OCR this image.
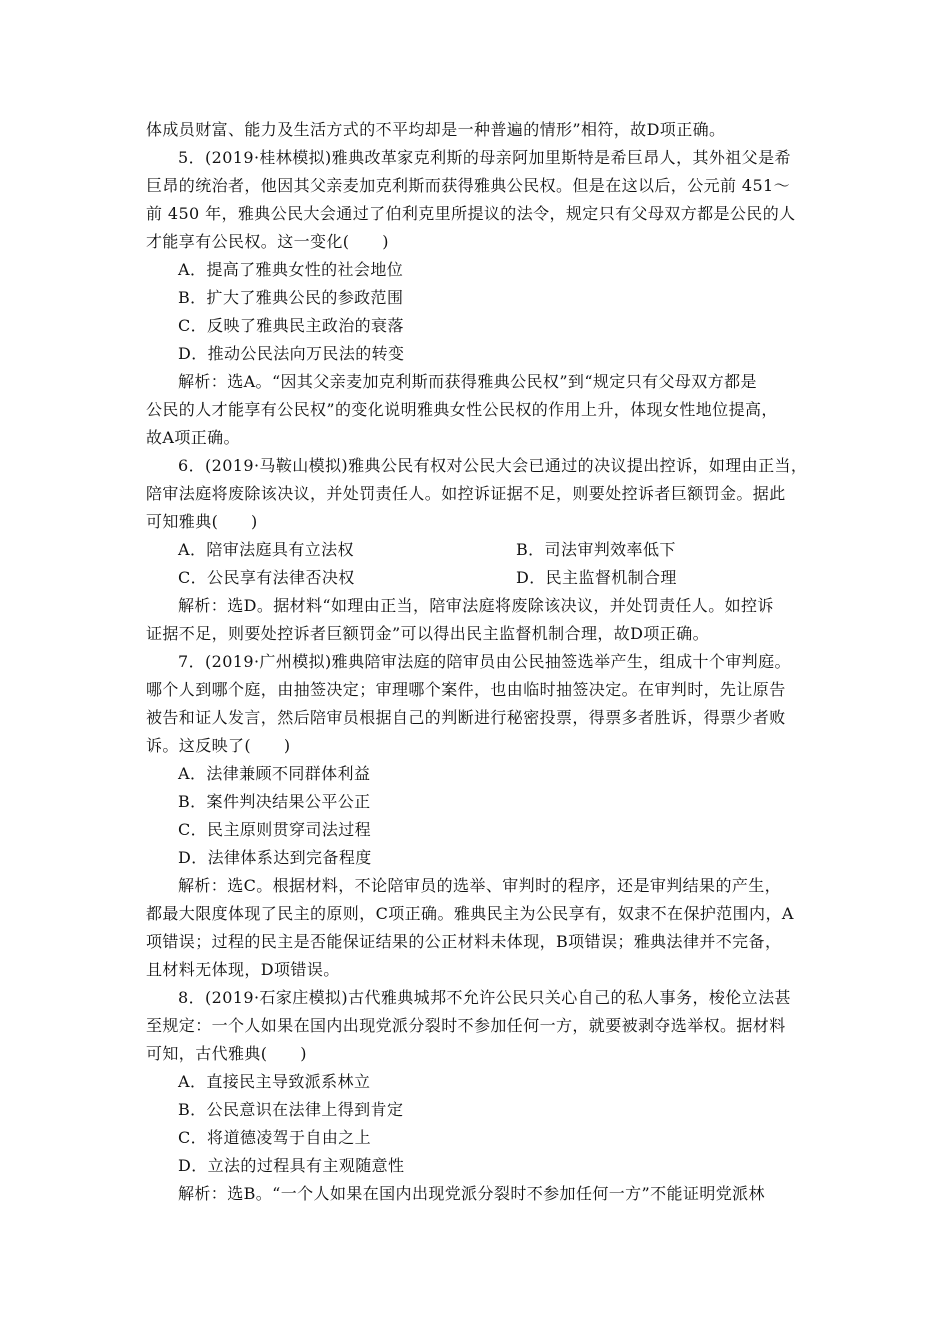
体成员财富、能力及生活方式的不平均却是一种普遍的情形”相符，故D项正确。
5．(2019·桂林模拟)雅典改革家克利斯的母亲阿加里斯特是希巨昂人，其外祖父是希
巨昂的统治者，他因其父亲麦加克利斯而获得雅典公民权。但是在这以后，公元前 451～
前 450 年，雅典公民大会通过了伯利克里所提议的法令，规定只有父母双方都是公民的人
才能享有公民权。这一变化(　　)
A．提高了雅典女性的社会地位
B．扩大了雅典公民的参政范围
C．反映了雅典民主政治的衰落
D．推动公民法向万民法的转变
解析：选A。“因其父亲麦加克利斯而获得雅典公民权”到“规定只有父母双方都是
公民的人才能享有公民权”的变化说明雅典女性公民权的作用上升，体现女性地位提高，
故A项正确。
6．(2019·马鞍山模拟)雅典公民有权对公民大会已通过的决议提出控诉，如理由正当，
陪审法庭将废除该决议，并处罚责任人。如控诉证据不足，则要处控诉者巨额罚金。据此
可知雅典(　　)
A．陪审法庭具有立法权	B．司法审判效率低下
C．公民享有法律否决权	D．民主监督机制合理
解析：选D。据材料“如理由正当，陪审法庭将废除该决议，并处罚责任人。如控诉
证据不足，则要处控诉者巨额罚金”可以得出民主监督机制合理，故D项正确。
7．(2019·广州模拟)雅典陪审法庭的陪审员由公民抽签选举产生，组成十个审判庭。
哪个人到哪个庭，由抽签决定；审理哪个案件，也由临时抽签决定。在审判时，先让原告
被告和证人发言，然后陪审员根据自己的判断进行秘密投票，得票多者胜诉，得票少者败
诉。这反映了(　　)
A．法律兼顾不同群体利益
B．案件判决结果公平公正
C．民主原则贯穿司法过程
D．法律体系达到完备程度
解析：选C。根据材料，不论陪审员的选举、审判时的程序，还是审判结果的产生，
都最大限度体现了民主的原则，C项正确。雅典民主为公民享有，奴隶不在保护范围内，A
项错误；过程的民主是否能保证结果的公正材料未体现，B项错误；雅典法律并不完备，
且材料无体现，D项错误。
8．(2019·石家庄模拟)古代雅典城邦不允许公民只关心自己的私人事务，梭伦立法甚
至规定：一个人如果在国内出现党派分裂时不参加任何一方，就要被剥夺选举权。据材料
可知，古代雅典(　　)
A．直接民主导致派系林立
B．公民意识在法律上得到肯定
C．将道德凌驾于自由之上
D．立法的过程具有主观随意性
解析：选B。“一个人如果在国内出现党派分裂时不参加任何一方”不能证明党派林
